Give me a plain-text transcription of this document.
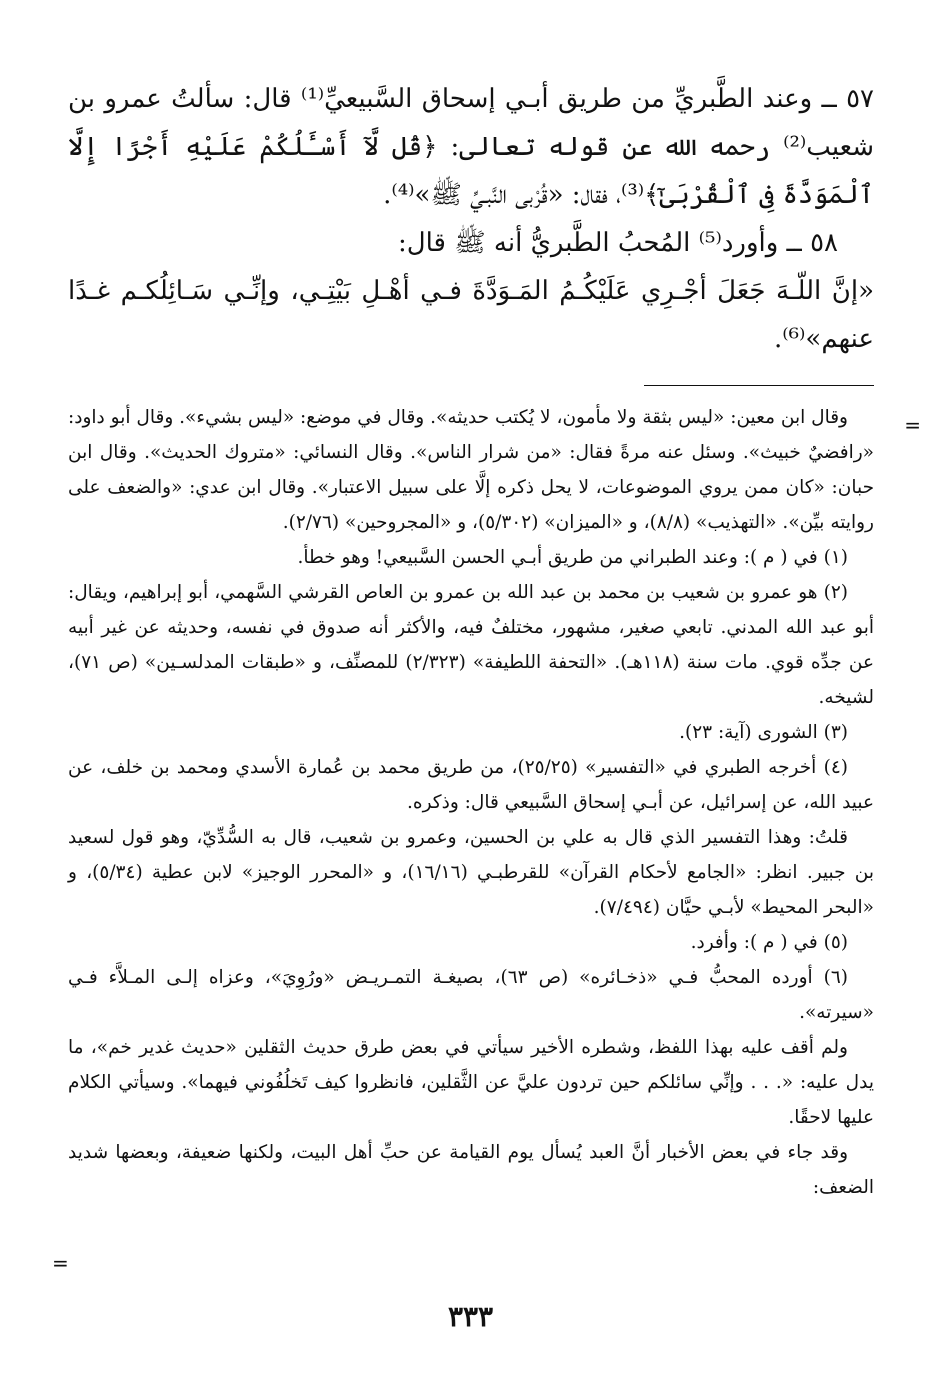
=

٥٧ ــ وعند الطَّبريِّ من طريق أبـي إسحاق السَّبيعيِّ⁽¹⁾ قال: سألتُ عمرو بن شعيب⁽²⁾ رحمه الله عن قوله تعالى: ﴿قُل لَّآ أَسْـَٔلُكُمْ عَلَيْهِ أَجْرًا إِلَّا ٱلْمَوَدَّةَ فِى ٱلْقُرْبَىٰٓ﴾⁽³⁾، فقال: «قُرْبى النَّبـيِّ ﷺ»⁽⁴⁾.

٥٨ ــ وأورد⁽⁵⁾ المُحبُ الطَّبريُّ أنه ﷺ قال:

«إنَّ اللّـهَ جَعَلَ أجْـرِي عَلَيْكُـمُ المَـوَدَّةَ فـي أهْـلِ بَيْتِـي، وإنِّـي سَـائِلُكـم غـدًا عنهم»⁽⁶⁾.

وقال ابن معين: «ليس بثقة ولا مأمون، لا يُكتب حديثه». وقال في موضع: «ليس بشيء». وقال أبو داود: «رافضيٌ خبيث». وسئل عنه مرةً فقال: «من شرار الناس». وقال النسائي: «متروك الحديث». وقال ابن حبان: «كان ممن يروي الموضوعات، لا يحل ذكره إلَّا على سبيل الاعتبار». وقال ابن عدي: «والضعف على روايته بيِّن». «التهذيب» (٨/٨)، و «الميزان» (٥/٣٠٢)، و «المجروحين» (٢/٧٦).

(١) في ( م ): وعند الطبراني من طريق أبـي الحسن السَّبيعي! وهو خطأ.

(٢) هو عمرو بن شعيب بن محمد بن عبد الله بن عمرو بن العاص القرشي السَّهمي، أبو إبراهيم، ويقال: أبو عبد الله المدني. تابعي صغير، مشهور، مختلفٌ فيه، والأكثر أنه صدوق في نفسه، وحديثه عن غير أبيه عن جدِّه قوي. مات سنة (١١٨هـ). «التحفة اللطيفة» (٢/٣٢٣) للمصنِّف، و «طبقات المدلسـين» (ص ٧١)، لشيخه.

(٣) الشورى (آية: ٢٣).

(٤) أخرجه الطبري في «التفسير» (٢٥/٢٥)، من طريق محمد بن عُمارة الأسدي ومحمد بن خلف، عن عبيد الله، عن إسرائيل، عن أبـي إسحاق السَّبيعي قال: وذكره.

قلتُ: وهذا التفسير الذي قال به علي بن الحسين، وعمرو بن شعيب، قال به السُّدِّيّ، وهو قول لسعيد بن جبير. انظر: «الجامع لأحكام القرآن» للقرطبـي (١٦/١٦)، و «المحرر الوجيز» لابن عطية (٥/٣٤)، و «البحر المحيط» لأبـي حيَّان (٧/٤٩٤).

(٥) في ( م ): وأفرد.

(٦) أورده المحبُّ فـي «ذخـائره» (ص ٦٣)، بصيغـة التمـريـض «ورُوِيَ»، وعزاه إلـى المـلاَّء فـي «سيرته».

ولم أقف عليه بهذا اللفظ، وشطره الأخير سيأتي في بعض طرق حديث الثقلين «حديث غدير خم»، ما يدل عليه: «. . . وإنِّي سائلكم حين تردون عليَّ عن الثَّقلين، فانظروا كيف تَخلُفُوني فيهما». وسيأتي الكلام عليها لاحقًا.

وقد جاء في بعض الأخبار أنَّ العبد يُسأل يوم القيامة عن حبِّ أهل البيت، ولكنها ضعيفة، وبعضها شديد الضعف:

=
٣٣٣
